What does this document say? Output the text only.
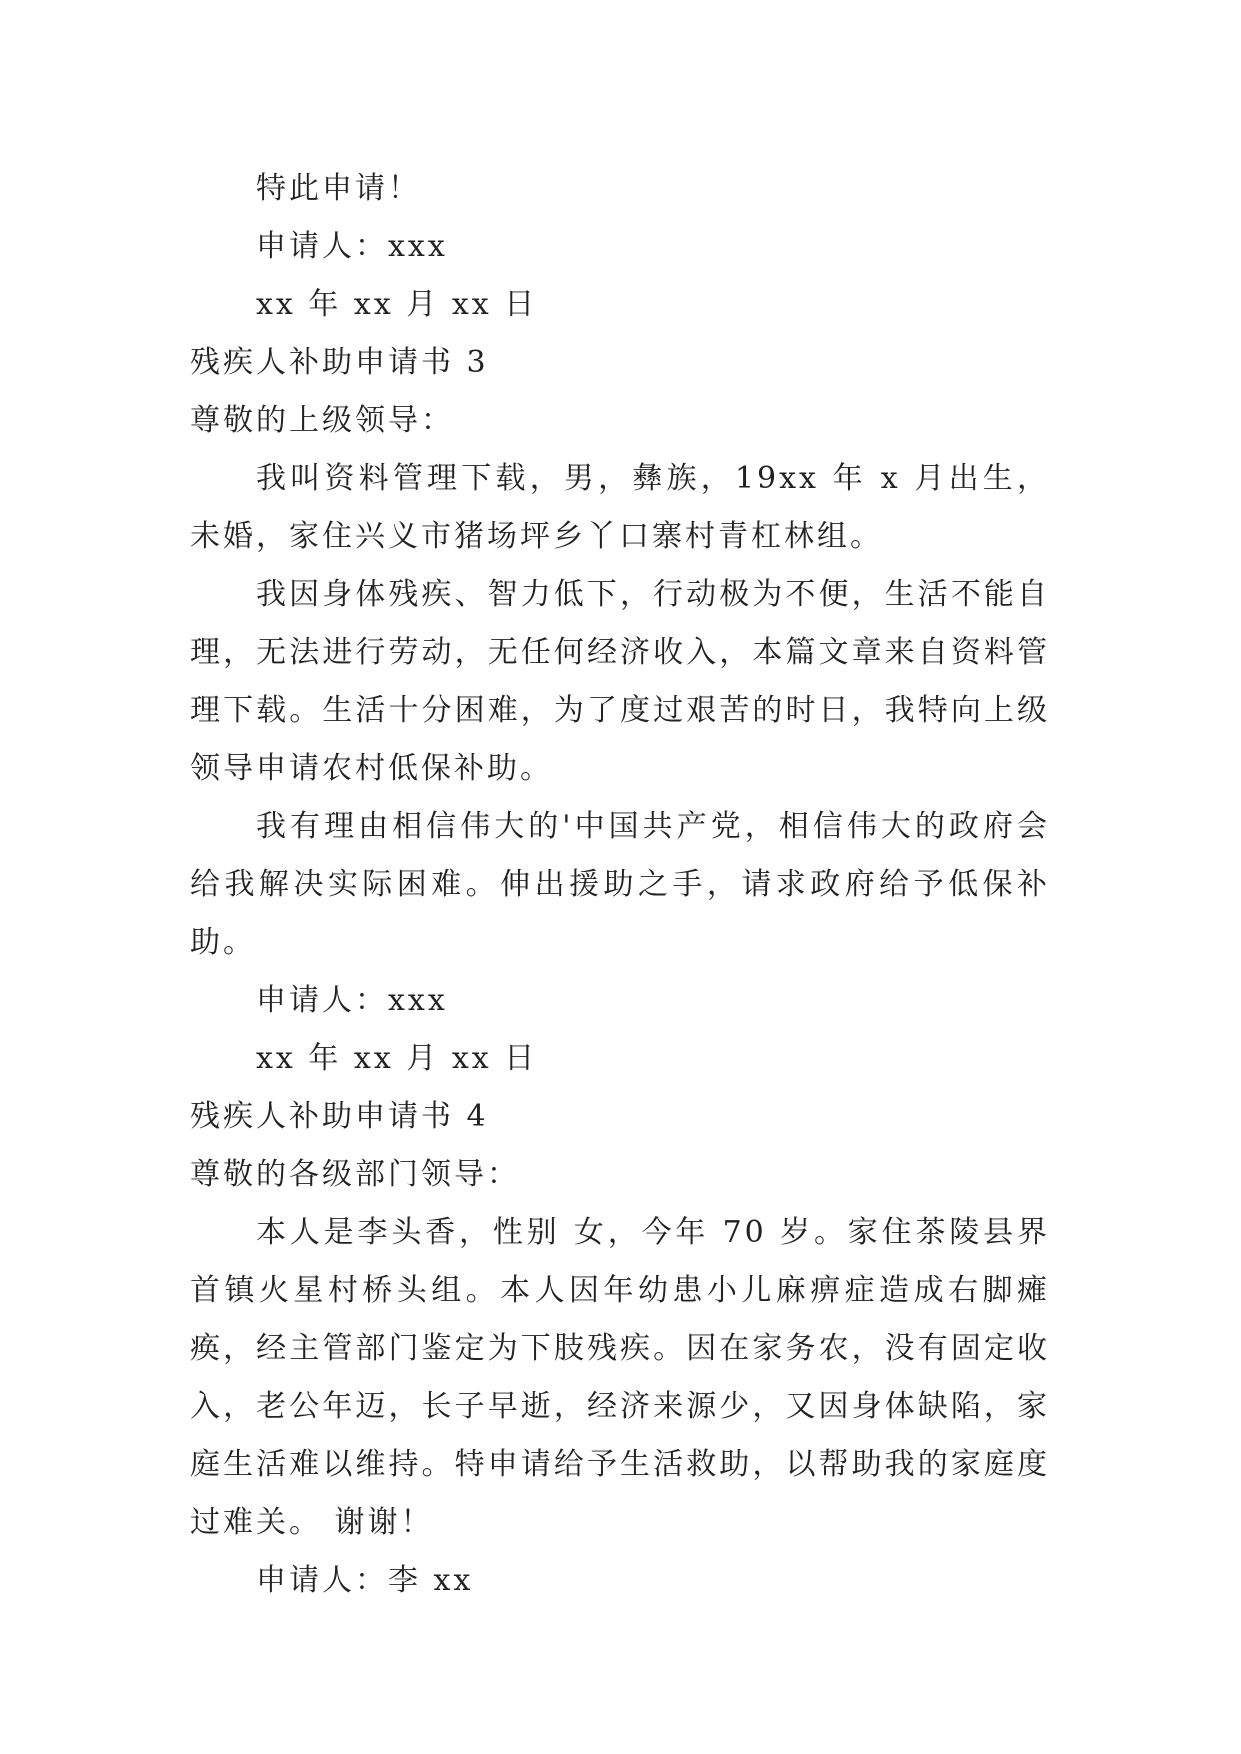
特此申请！
申请人：xxx
xx 年 xx 月 xx 日
残疾人补助申请书 3
尊敬的上级领导：

我叫资料管理下载，男，彝族，19xx 年 x 月出生，未婚，家住兴义市猪场坪乡丫口寨村青杠林组。

我因身体残疾、智力低下，行动极为不便，生活不能自理，无法进行劳动，无任何经济收入，本篇文章来自资料管理下载。生活十分困难，为了度过艰苦的时日，我特向上级领导申请农村低保补助。

我有理由相信伟大的'中国共产党，相信伟大的政府会给我解决实际困难。伸出援助之手，请求政府给予低保补助。

申请人：xxx
xx 年 xx 月 xx 日
残疾人补助申请书 4
尊敬的各级部门领导：

本人是李头香，性别 女，今年 70 岁。家住茶陵县界首镇火星村桥头组。本人因年幼患小儿麻痹症造成右脚瘫痪，经主管部门鉴定为下肢残疾。因在家务农，没有固定收入，老公年迈，长子早逝，经济来源少，又因身体缺陷，家庭生活难以维持。特申请给予生活救助，以帮助我的家庭度过难关。 谢谢！

申请人：李 xx
